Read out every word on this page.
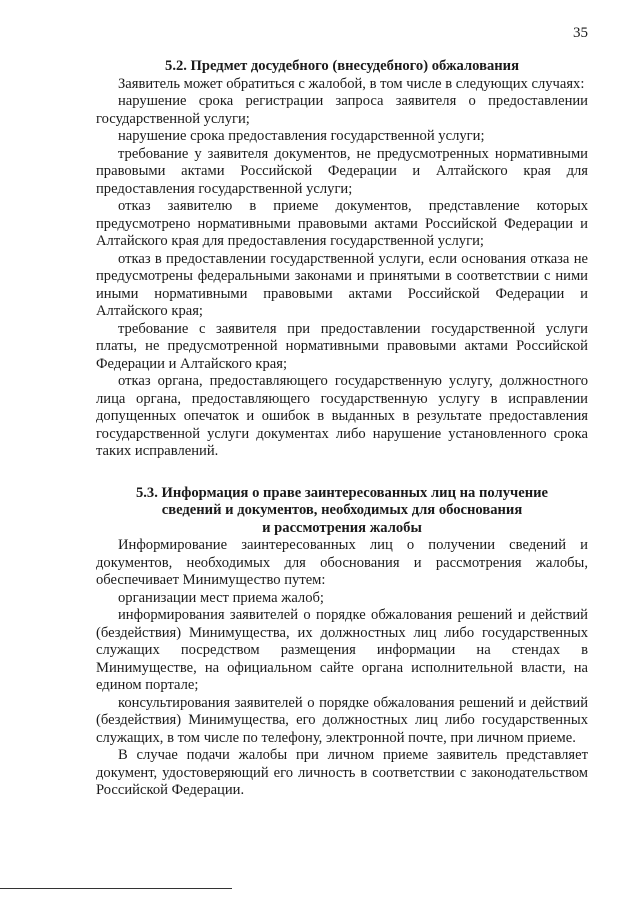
35

5.2. Предмет досудебного (внесудебного) обжалования

Заявитель может обратиться с жалобой, в том числе в следующих случаях:

нарушение срока регистрации запроса заявителя о предоставлении государственной услуги;

нарушение срока предоставления государственной услуги;

требование у заявителя документов, не предусмотренных нормативными правовыми актами Российской Федерации и Алтайского края для предоставления государственной услуги;

отказ заявителю в приеме документов, представление которых предусмотрено нормативными правовыми актами Российской Федерации и Алтайского края для предоставления государственной услуги;

отказ в предоставлении государственной услуги, если основания отказа не предусмотрены федеральными законами и принятыми в соответствии с ними иными нормативными правовыми актами Российской Федерации и Алтайского края;

требование с заявителя при предоставлении государственной услуги платы, не предусмотренной нормативными правовыми актами Российской Федерации и Алтайского края;

отказ органа, предоставляющего государственную услугу, должностного лица органа, предоставляющего государственную услугу в исправлении допущенных опечаток и ошибок в выданных в результате предоставления государственной услуги документах либо нарушение установленного срока таких исправлений.

5.3. Информация о праве заинтересованных лиц на получение

сведений и документов, необходимых для обоснования

и рассмотрения жалобы

Информирование заинтересованных лиц о получении сведений и документов, необходимых для обоснования и рассмотрения жалобы, обеспечивает Минимущество путем:

организации мест приема жалоб;

информирования заявителей о порядке обжалования решений и действий (бездействия) Минимущества, их должностных лиц либо государственных служащих посредством размещения информации на стендах в Минимуществе, на официальном сайте органа исполнительной власти, на едином портале;

консультирования заявителей о порядке обжалования решений и действий (бездействия) Минимущества, его должностных лиц либо государственных служащих, в том числе по телефону, электронной почте, при личном приеме.

В случае подачи жалобы при личном приеме заявитель представляет документ, удостоверяющий его личность в соответствии с законодательством Российской Федерации.
